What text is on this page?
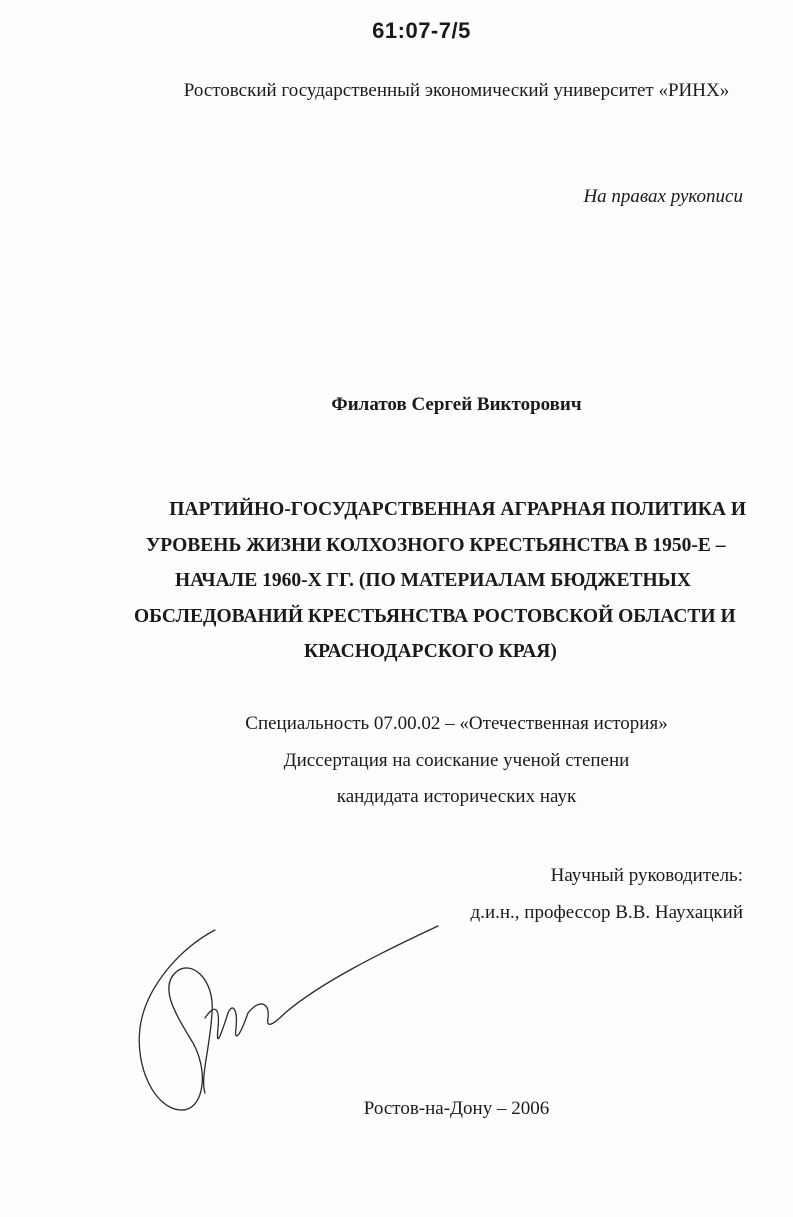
61:07-7/5
Ростовский государственный экономический университет «РИНХ»
На правах рукописи
Филатов Сергей Викторович
ПАРТИЙНО-ГОСУДАРСТВЕННАЯ АГРАРНАЯ ПОЛИТИКА И
УРОВЕНЬ ЖИЗНИ КОЛХОЗНОГО КРЕСТЬЯНСТВА В 1950-Е –
НАЧАЛЕ 1960-Х ГГ. (ПО МАТЕРИАЛАМ БЮДЖЕТНЫХ
ОБСЛЕДОВАНИЙ КРЕСТЬЯНСТВА РОСТОВСКОЙ ОБЛАСТИ И
КРАСНОДАРСКОГО КРАЯ)
Специальность 07.00.02 – «Отечественная история»
Диссертация на соискание ученой степени
кандидата исторических наук
Научный руководитель:
д.и.н., профессор В.В. Наухацкий
Ростов-на-Дону – 2006
